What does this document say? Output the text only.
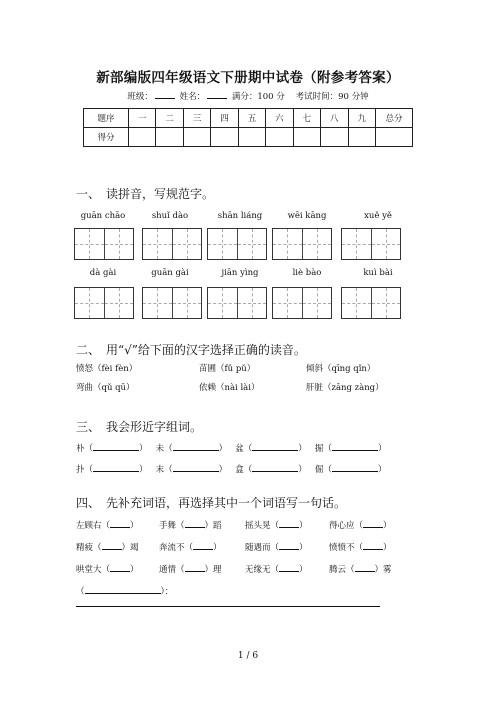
新部编版四年级语文下册期中试卷（附参考答案）
班级：	姓名：	满分：100 分 考试时间：90 分钟
题序	一	二	三	四	五	六	七	八	九	总分
得分										
一、 读拼音，写规范字。
guān chāo	shuǐ dào	shān liáng	wēi kāng	xuě yě
dà gài	guān gài	jiān yìng	liè bào	kuì bài
二、 用“√”给下面的汉字选择正确的读音。
愤怒（fèi fèn）	苗圃（fǔ pǔ）	倾斜（qīng qǐn）
弯曲（qǔ qū）	依赖（nài lài）	肝脏（zāng zàng）
三、 我会形近字组词。
朴（	） 未（	） 盆（	） 掘（	）
扑（	） 末（	） 盒（	） 倔（	）
四、 先补充词语，再选择其中一个词语写一句话。
左顾右（ ） 手舞（ ）蹈	摇头晃（ ）	得心应（ ）
精疲（ ）竭 奔流不（ ）	随遇而（ ）	愤愤不（ ）
哄堂大（ ） 通情（ ）理	无缘无（ ）	腾云（ ）雾
（	）：
1 / 6
